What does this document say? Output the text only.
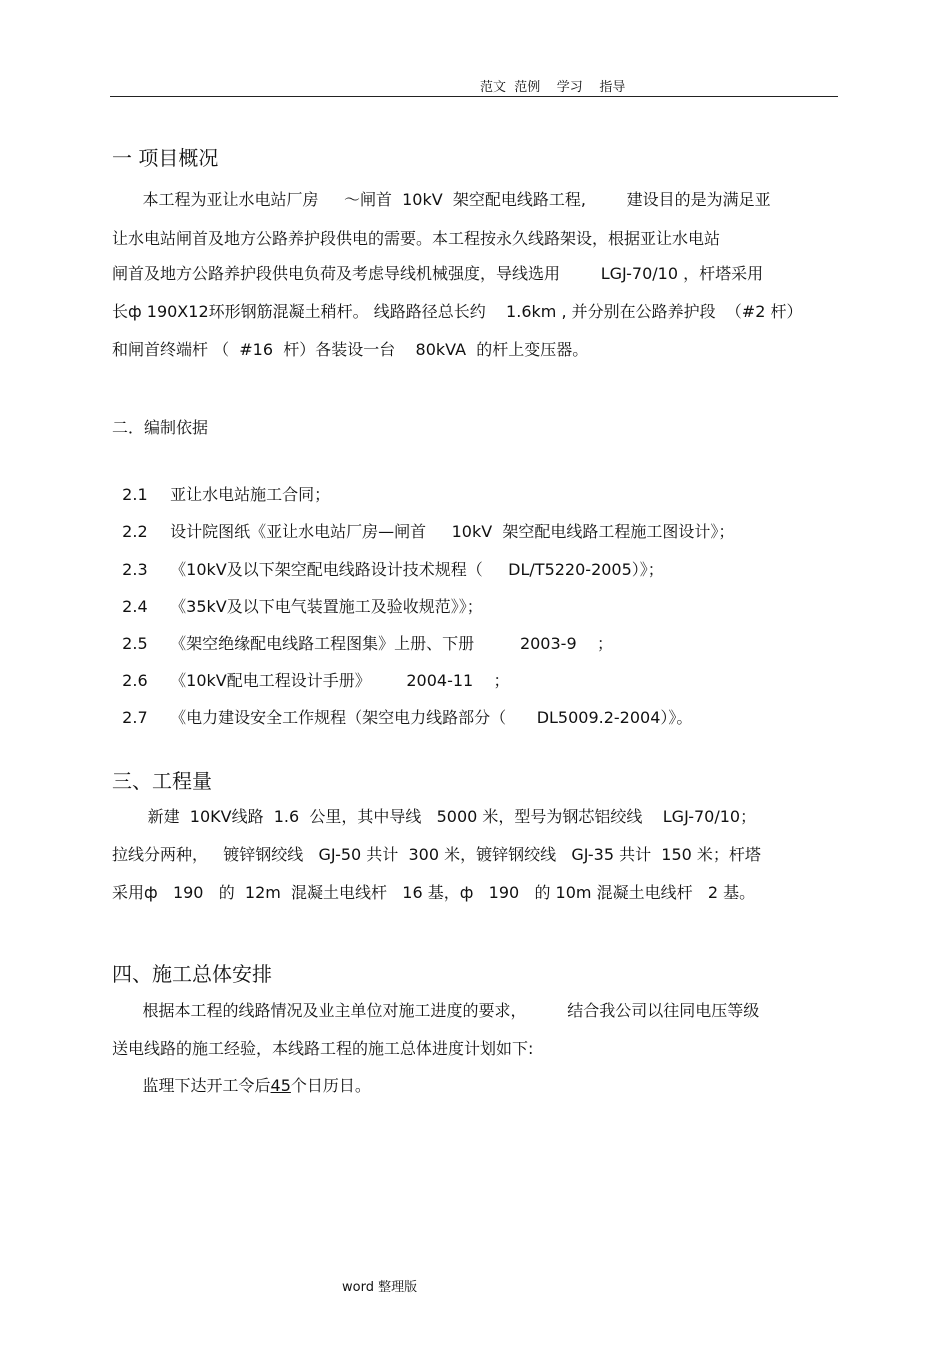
范文  范例    学习    指导
一 项目概况
本工程为亚让水电站厂房     ～闸首  10kV  架空配电线路工程,        建设目的是为满足亚
让水电站闸首及地方公路养护段供电的需要。本工程按永久线路架设，根据亚让水电站
闸首及地方公路养护段供电负荷及考虑导线机械强度，导线选用        LGJ-70/10 ，杆塔采用
长ф 190X12环形钢筋混凝土稍杆。 线路路径总长约    1.6km , 并分别在公路养护段  （#2 杆）
和闸首终端杆 （  #16  杆）各装设一台    80kVA  的杆上变压器。
二．编制依据

2.1 亚让水电站施工合同；

2.2 设计院图纸《亚让水电站厂房—闸首     10kV  架空配电线路工程施工图设计》；

2.3 《10kV及以下架空配电线路设计技术规程（     DL/T5220-2005）》；

2.4 《35kV及以下电气装置施工及验收规范》》；

2.5 《架空绝缘配电线路工程图集》上册、下册         2003-9    ；

2.6 《10kV配电工程设计手册》       2004-11    ；

2.7 《电力建设安全工作规程（架空电力线路部分（      DL5009.2-2004）》。

三、工程量
新建  10KV线路  1.6  公里，其中导线   5000 米，型号为钢芯铝绞线    LGJ-70/10；
拉线分两种，   镀锌钢绞线   GJ-50 共计  300 米，镀锌钢绞线   GJ-35 共计  150 米；杆塔
采用ф   190   的  12m  混凝土电线杆   16 基，ф   190   的 10m 混凝土电线杆   2 基。
四、施工总体安排
根据本工程的线路情况及业主单位对施工进度的要求，        结合我公司以往同电压等级
送电线路的施工经验，本线路工程的施工总体进度计划如下:
监理下达开工令后45个日历日。
word 整理版
